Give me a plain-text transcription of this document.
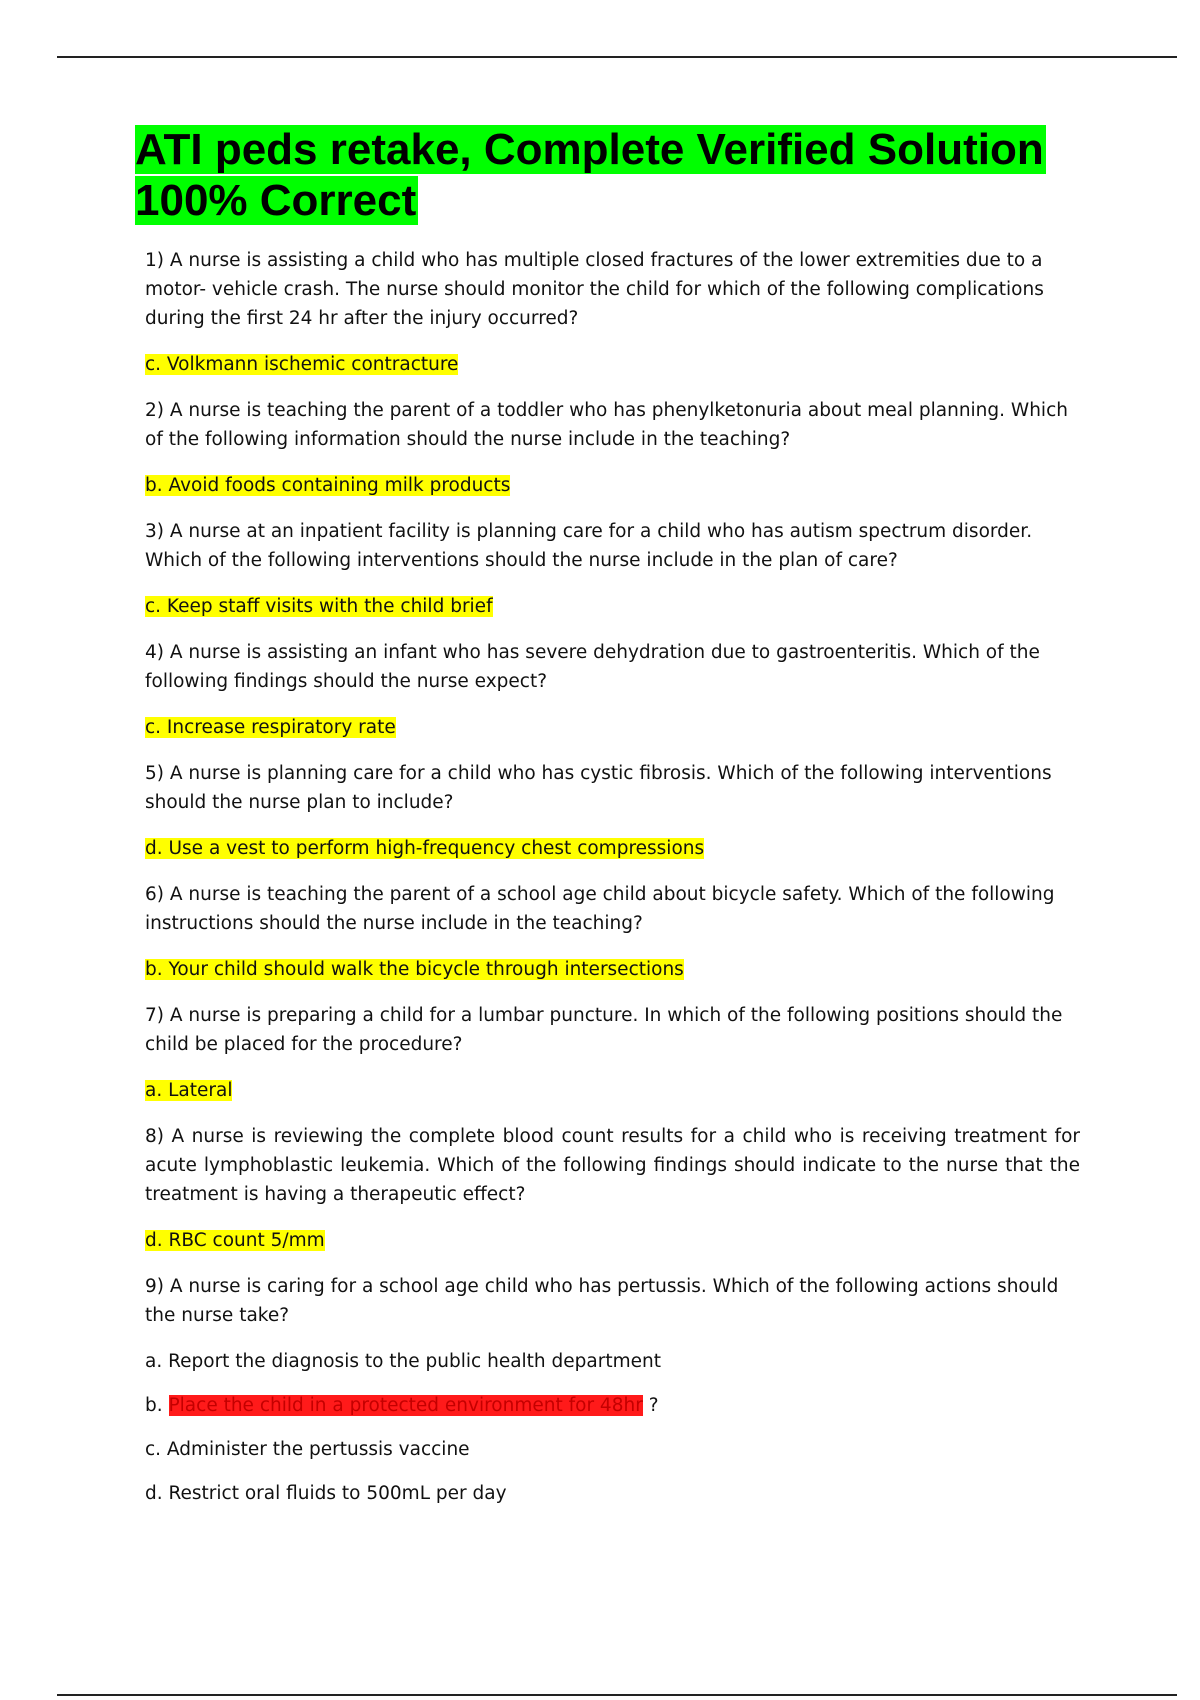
ATI peds retake, Complete Verified Solution 100% Correct

1) A nurse is assisting a child who has multiple closed fractures of the lower extremities due to a motor- vehicle crash. The nurse should monitor the child for which of the following complications during the first 24 hr after the injury occurred?

c. Volkmann ischemic contracture

2) A nurse is teaching the parent of a toddler who has phenylketonuria about meal planning. Which of the following information should the nurse include in the teaching?

b. Avoid foods containing milk products

3) A nurse at an inpatient facility is planning care for a child who has autism spectrum disorder. Which of the following interventions should the nurse include in the plan of care?

c. Keep staff visits with the child brief

4) A nurse is assisting an infant who has severe dehydration due to gastroenteritis. Which of the following findings should the nurse expect?

c. Increase respiratory rate

5) A nurse is planning care for a child who has cystic fibrosis. Which of the following interventions should the nurse plan to include?

d. Use a vest to perform high-frequency chest compressions

6) A nurse is teaching the parent of a school age child about bicycle safety. Which of the following instructions should the nurse include in the teaching?

b. Your child should walk the bicycle through intersections

7) A nurse is preparing a child for a lumbar puncture. In which of the following positions should the child be placed for the procedure?

a. Lateral

8) A nurse is reviewing the complete blood count results for a child who is receiving treatment for acute lymphoblastic leukemia. Which of the following findings should indicate to the nurse that the treatment is having a therapeutic effect?

d. RBC count 5/mm

9) A nurse is caring for a school age child who has pertussis. Which of the following actions should the nurse take?

a. Report the diagnosis to the public health department

b. Place the child in a protected environment for 48hr ?

c. Administer the pertussis vaccine

d. Restrict oral fluids to 500mL per day
